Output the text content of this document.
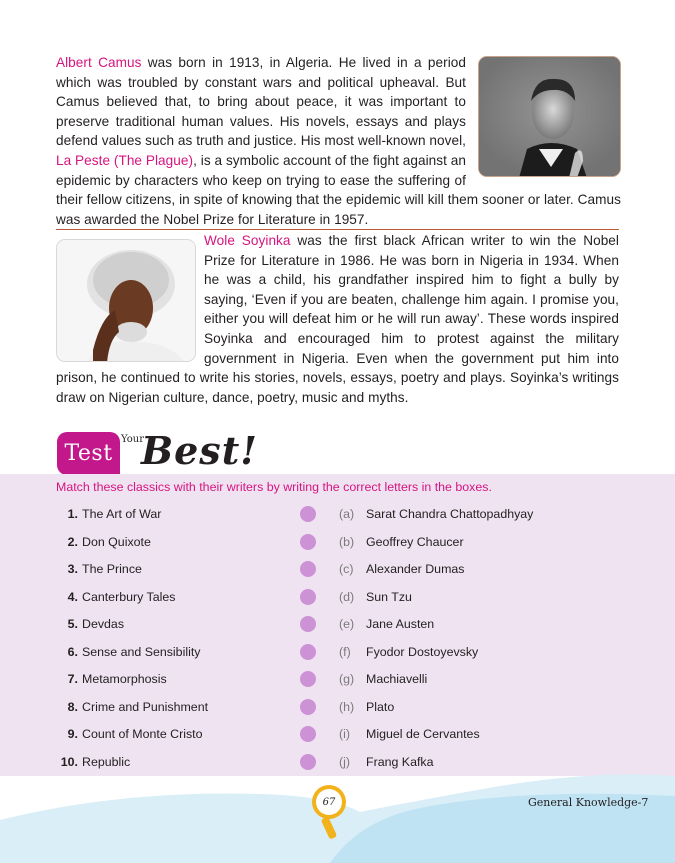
Albert Camus was born in 1913, in Algeria. He lived in a period which was troubled by constant wars and political upheaval. But Camus believed that, to bring about peace, it was important to preserve traditional human values. His novels, essays and plays defend values such as truth and justice. His most well-known novel, La Peste (The Plague), is a symbolic account of the fight against an epidemic by characters who keep on trying to ease the suffering of their fellow citizens, in spite of knowing that the epidemic will kill them sooner or later. Camus was awarded the Nobel Prize for Literature in 1957.
Wole Soyinka was the first black African writer to win the Nobel Prize for Literature in 1986. He was born in Nigeria in 1934. When he was a child, his grandfather inspired him to fight a bully by saying, ‘Even if you are beaten, challenge him again. I promise you, either you will defeat him or he will run away’. These words inspired Soyinka and encouraged him to protest against the military government in Nigeria. Even when the government put him into prison, he continued to write his stories, novels, essays, poetry and plays. Soyinka’s writings draw on Nigerian culture, dance, poetry, music and myths.
Test
Your
Best!
Match these classics with their writers by writing the correct letters in the boxes.
1. The Art of War	(a) Sarat Chandra Chattopadhyay
2. Don Quixote	(b) Geoffrey Chaucer
3. The Prince	(c) Alexander Dumas
4. Canterbury Tales	(d) Sun Tzu
5. Devdas	(e) Jane Austen
6. Sense and Sensibility	(f) Fyodor Dostoyevsky
7. Metamorphosis	(g) Machiavelli
8. Crime and Punishment	(h) Plato
9. Count of Monte Cristo	(i) Miguel de Cervantes
10. Republic	(j) Frang Kafka
67	General Knowledge-7
